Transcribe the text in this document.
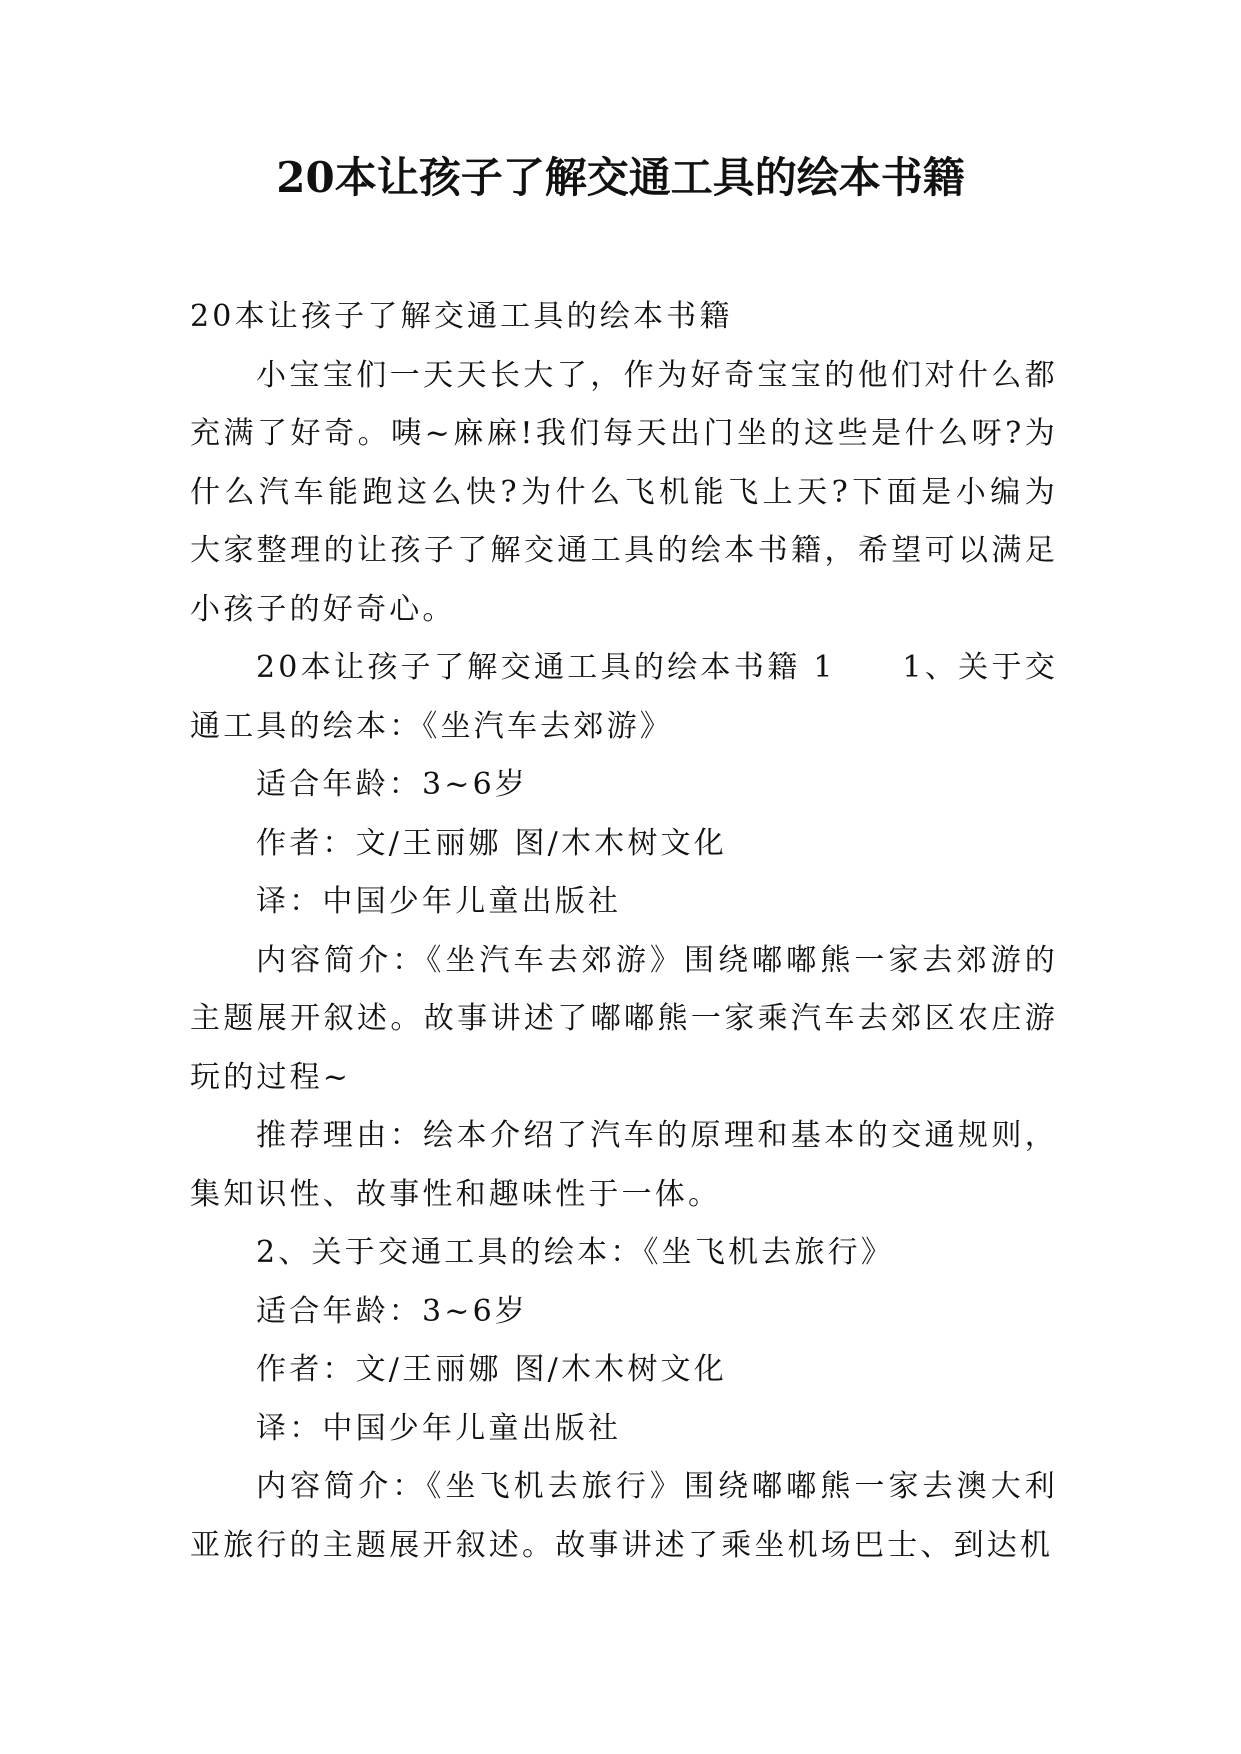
20本让孩子了解交通工具的绘本书籍

20本让孩子了解交通工具的绘本书籍

小宝宝们一天天长大了，作为好奇宝宝的他们对什么都充满了好奇。咦~麻麻!我们每天出门坐的这些是什么呀?为什么汽车能跑这么快?为什么飞机能飞上天?下面是小编为大家整理的让孩子了解交通工具的绘本书籍，希望可以满足小孩子的好奇心。

20本让孩子了解交通工具的绘本书籍 1　　1、关于交通工具的绘本：《坐汽车去郊游》

适合年龄：3~6岁

作者：文/王丽娜 图/木木树文化

译：中国少年儿童出版社

内容简介：《坐汽车去郊游》围绕嘟嘟熊一家去郊游的主题展开叙述。故事讲述了嘟嘟熊一家乘汽车去郊区农庄游玩的过程~

推荐理由：绘本介绍了汽车的原理和基本的交通规则，集知识性、故事性和趣味性于一体。

2、关于交通工具的绘本：《坐飞机去旅行》

适合年龄：3~6岁

作者：文/王丽娜 图/木木树文化

译：中国少年儿童出版社

内容简介：《坐飞机去旅行》围绕嘟嘟熊一家去澳大利亚旅行的主题展开叙述。故事讲述了乘坐机场巴士、到达机
